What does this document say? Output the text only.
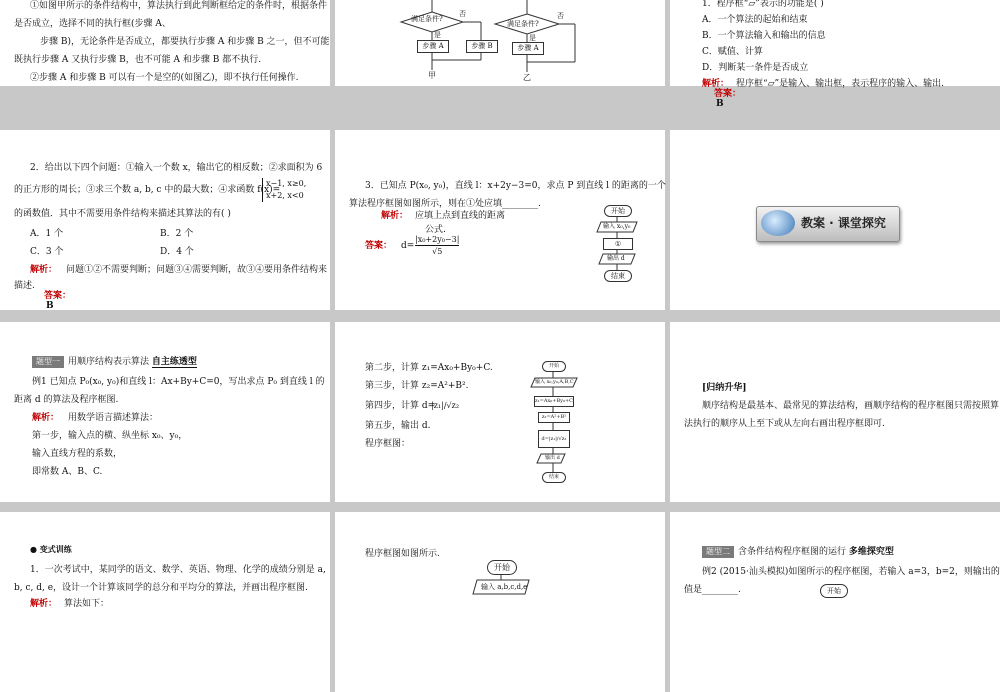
①如图甲所示的条件结构中，算法执行到此判断框给定的条件时，根据条件
是否成立，选择不同的执行框(步骤 A、
步骤 B)，无论条件是否成立，都要执行步骤 A 和步骤 B 之一，但不可能
既执行步骤 A 又执行步骤 B，也不可能 A 和步骤 B 都不执行.
②步骤 A 和步骤 B 可以有一个是空的(如图乙)，即不执行任何操作.
满足条件?
否
是
步骤 A	步骤 B
甲
满足条件?
否
是
步骤 A
乙
1．程序框“▱”表示的功能是( )
A．一个算法的起始和结束
B．一个算法输入和输出的信息
C．赋值、计算
D．判断某一条件是否成立
解析： 程序框“▱”是输入、输出框，表示程序的输入、输出.
答案：
B
2．给出以下四个问题：①输入一个数 x，输出它的相反数；②求面积为 6
的正方形的周长；③求三个数 a, b, c 中的最大数；④求函数 f(x)=
x−1, x≥0,
x+2, x<0
的函数值．其中不需要用条件结构来描述其算法的有( )
A．1 个	B．2 个
C．3 个	D．4 个
解析： 问题①②不需要判断；问题③④需要判断，故③④要用条件结构来
描述.
答案：
B
3．已知点 P(x₀, y₀)，直线 l：x+2y−3=0，求点 P 到直线 l 的距离的一个
算法程序框图如图所示，则在①处应填________.
解析： 应填上点到直线的距离
公式.
答案： $d= \frac{\text{|x₀+2y₀−3|}}{√5}$
开始
输入 x₀,y₀
①
输出 d
结束
教案 · 课堂探究
题型一 用顺序结构表示算法 自主练透型
例1 已知点 P₀(x₀, y₀)和直线 l：Ax+By+C=0，写出求点 P₀ 到直线 l 的
距离 d 的算法及程序框图.
解析： 用数学语言描述算法：
第一步，输入点的横、纵坐标 x₀、y₀，
输入直线方程的系数，
即常数 A、B、C.
第二步，计算 z₁=Ax₀+By₀+C.
第三步，计算 z₂=A²+B².
第四步，计算 d=
|z₁|/√z₂
第五步，输出 d.
程序框图：
开始
输入 x₀,y₀,A,B,C
z₁=Ax₀+By₀+C
z₂=A²+B²
d=|z₁|/√z₂
输出 d
结束
[归纳升华]
顺序结构是最基本、最常见的算法结构，画顺序结构的程序框图只需按照算
法执行的顺序从上至下或从左向右画出程序框即可.
● 变式训练
1．一次考试中，某同学的语文、数学、英语、物理、化学的成绩分别是 a,
b, c, d, e，设计一个计算该同学的总分和平均分的算法，并画出程序框图.
解析： 算法如下：
程序框图如图所示.
开始
输入 a,b,c,d,e
题型二 含条件结构程序框图的运行 多维探究型
例2 (2015·汕头模拟)如图所示的程序框图，若输入 a=3，b=2，则输出的
值是________.	开始
